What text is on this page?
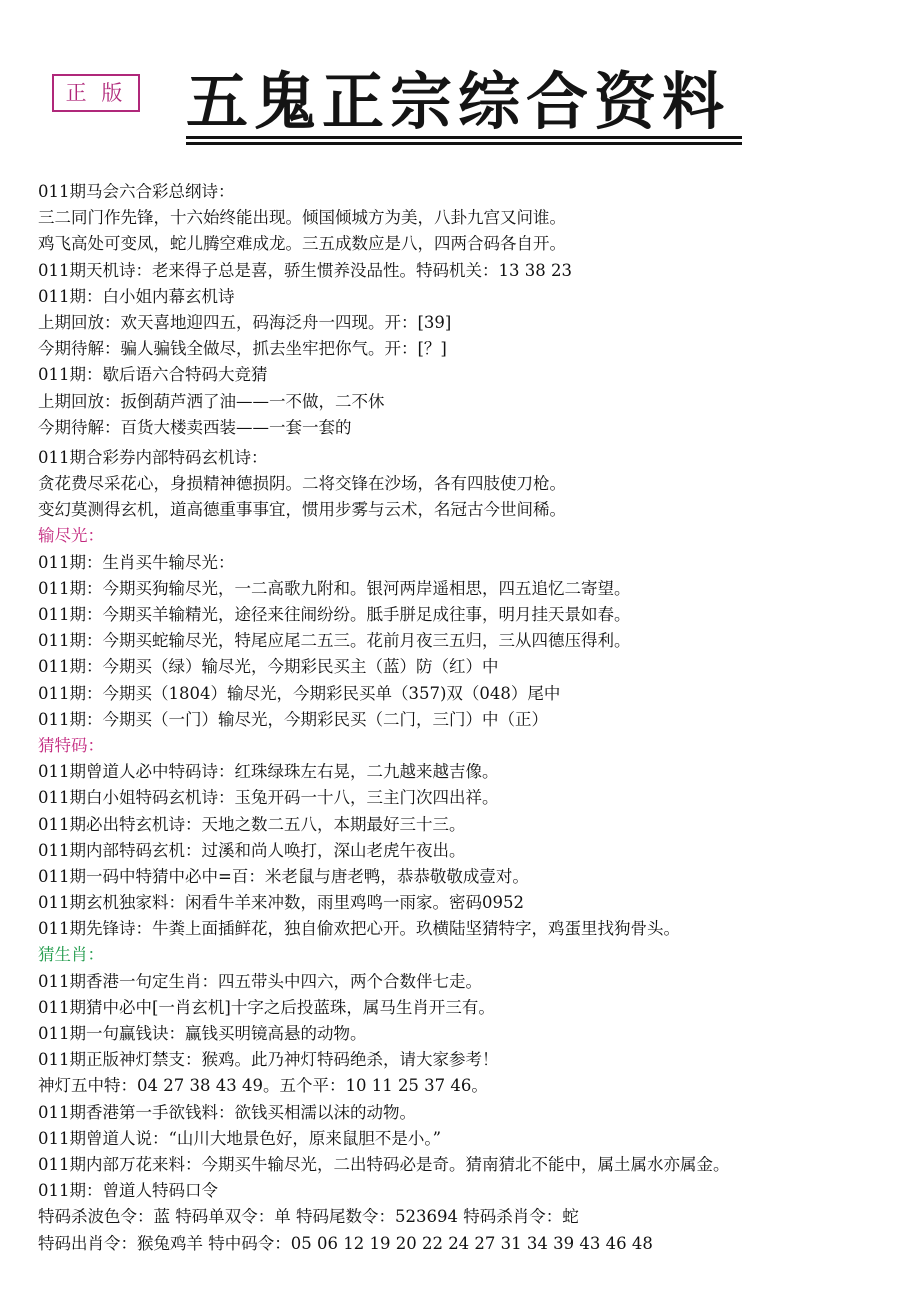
正 版 五鬼正宗综合资料
011期马会六合彩总纲诗：
三二同门作先锋，十六始终能出现。倾国倾城方为美，八卦九宫又问谁。
鸡飞高处可变凤，蛇儿腾空难成龙。三五成数应是八，四两合码各自开。
011期天机诗：老来得子总是喜，骄生惯养没品性。特码机关：13 38 23
011期：白小姐内幕玄机诗
上期回放：欢天喜地迎四五，码海泛舟一四现。开：[39]
今期待解：骗人骗钱全做尽，抓去坐牢把你气。开：[？]
011期：歇后语六合特码大竞猜
上期回放：扳倒葫芦洒了油——一不做，二不休
今期待解：百货大楼卖西装——一套一套的
011期合彩券内部特码玄机诗：
贪花费尽采花心，身损精神德损阴。二将交锋在沙场，各有四肢使刀枪。
变幻莫测得玄机，道高德重事事宜，惯用步雾与云术，名冠古今世间稀。
输尽光：
011期：生肖买牛输尽光：
011期：今期买狗输尽光，一二高歌九附和。银河两岸遥相思，四五追忆二寄望。
011期：今期买羊输精光，途径来往闹纷纷。胝手胼足成往事，明月挂天景如春。
011期：今期买蛇输尽光，特尾应尾二五三。花前月夜三五归，三从四德压得利。
011期：今期买（绿）输尽光，今期彩民买主（蓝）防（红）中
011期：今期买（1804）输尽光，今期彩民买单（357)双（048）尾中
011期：今期买（一门）输尽光，今期彩民买（二门，三门）中（正）
猜特码：
011期曾道人必中特码诗：红珠绿珠左右晃，二九越来越吉像。
011期白小姐特码玄机诗：玉兔开码一十八，三主门次四出祥。
011期必出特玄机诗：天地之数二五八，本期最好三十三。
011期内部特码玄机：过溪和尚人唤打，深山老虎午夜出。
011期一码中特猜中必中=百：米老鼠与唐老鸭，恭恭敬敬成壹对。
011期玄机独家料：闲看牛羊来冲数，雨里鸡鸣一雨家。密码0952
011期先锋诗：牛粪上面插鲜花，独自偷欢把心开。玖横陆坚猜特字，鸡蛋里找狗骨头。
猜生肖：
011期香港一句定生肖：四五带头中四六，两个合数伴七走。
011期猜中必中[一肖玄机]十字之后投蓝珠，属马生肖开三有。
011期一句赢钱诀：赢钱买明镜高悬的动物。
011期正版神灯禁支：猴鸡。此乃神灯特码绝杀，请大家参考！
神灯五中特：04 27 38 43 49。五个平：10 11 25 37 46。
011期香港第一手欲钱料：欲钱买相濡以沫的动物。
011期曾道人说：“山川大地景色好，原来鼠胆不是小。”
011期内部万花来料：今期买牛输尽光，二出特码必是奇。猜南猜北不能中，属土属水亦属金。
011期：曾道人特码口令
特码杀波色令：蓝 特码单双令：单 特码尾数令：523694 特码杀肖令：蛇
特码出肖令：猴兔鸡羊 特中码令：05 06 12 19 20 22 24 27 31 34 39 43 46 48
